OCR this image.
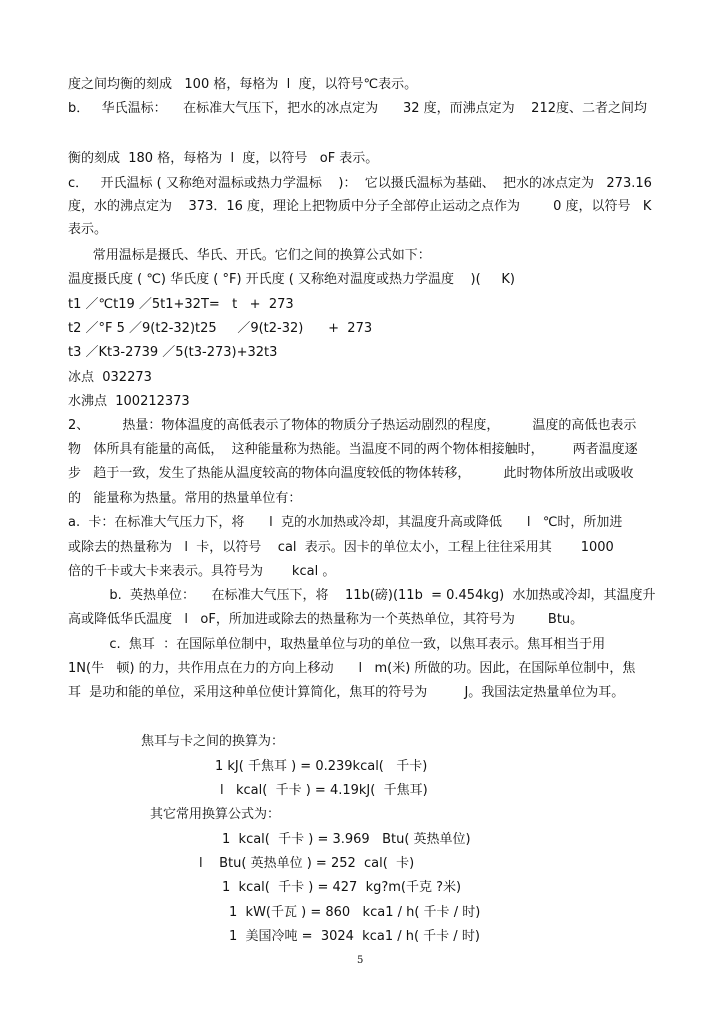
度之间均衡的刻成   100 格，每格为  l  度，以符号℃表示。

b．   华氏温标：    在标准大气压下，把水的冰点定为      32 度，而沸点定为    212度、二者之间均

衡的刻成  180 格，每格为  l  度，以符号   oF 表示。

c．   开氏温标 ( 又称绝对温标或热力学温标    )：  它以摄氏温标为基础、  把水的冰点定为   273.16

度，水的沸点定为    373．16 度，理论上把物质中分子全部停止运动之点作为        0 度，以符号   K

表示。

常用温标是摄氏、华氏、开氏。它们之间的换算公式如下：

温度摄氏度 ( ℃) 华氏度 ( °F) 开氏度 ( 又称绝对温度或热力学温度    )(     K)

t1 ／℃t19 ／5t1+32T=   t   +  273

t2 ／°F 5 ／9(t2-32)t25     ／9(t2-32)      +  273

t3 ／Kt3-2739 ／5(t3-273)+32t3

冰点  032273

水沸点  100212373

2、        热量：物体温度的高低表示了物体的物质分子热运动剧烈的程度，        温度的高低也表示

物   体所具有能量的高低，  这种能量称为热能。当温度不同的两个物体相接触时，       两者温度逐

步   趋于一致，发生了热能从温度较高的物体向温度较低的物体转移，        此时物体所放出或吸收

的   能量称为热量。常用的热量单位有：

a.  卡：在标准大气压力下，将      l  克的水加热或冷却，其温度升高或降低      l   ℃时，所加进

或除去的热量称为   l  卡，以符号    cal  表示。因卡的单位太小，工程上往往采用其       1000

倍的千卡或大卡来表示。具符号为       kcal 。

b.  英热单位：    在标准大气压下，将    11b(磅)(11b  = 0.454kg)  水加热或冷却，其温度升

高或降低华氏温度   l   oF，所加进或除去的热量称为一个英热单位，其符号为        Btu。

c.  焦耳  ：在国际单位制中，取热量单位与功的单位一致，以焦耳表示。焦耳相当于用

1N(牛   顿) 的力，共作用点在力的方向上移动      l   m(米) 所做的功。因此，在国际单位制中，焦

耳  是功和能的单位，采用这种单位使计算简化，焦耳的符号为         J。我国法定热量单位为耳。

焦耳与卡之间的换算为：

1 kJ( 千焦耳 ) = 0.239kcal(   千卡)

l   kcal(  千卡 ) = 4.19kJ(  千焦耳)

其它常用换算公式为：

1  kcal(  千卡 ) = 3.969   Btu( 英热单位)

l    Btu( 英热单位 ) = 252  cal(  卡)

1  kcal(  千卡 ) = 427  kg?m(千克 ?米)

1  kW(千瓦 ) = 860   kca1 / h( 千卡 / 时)

1  美国冷吨 =  3024  kca1 / h( 千卡 / 时)

5
